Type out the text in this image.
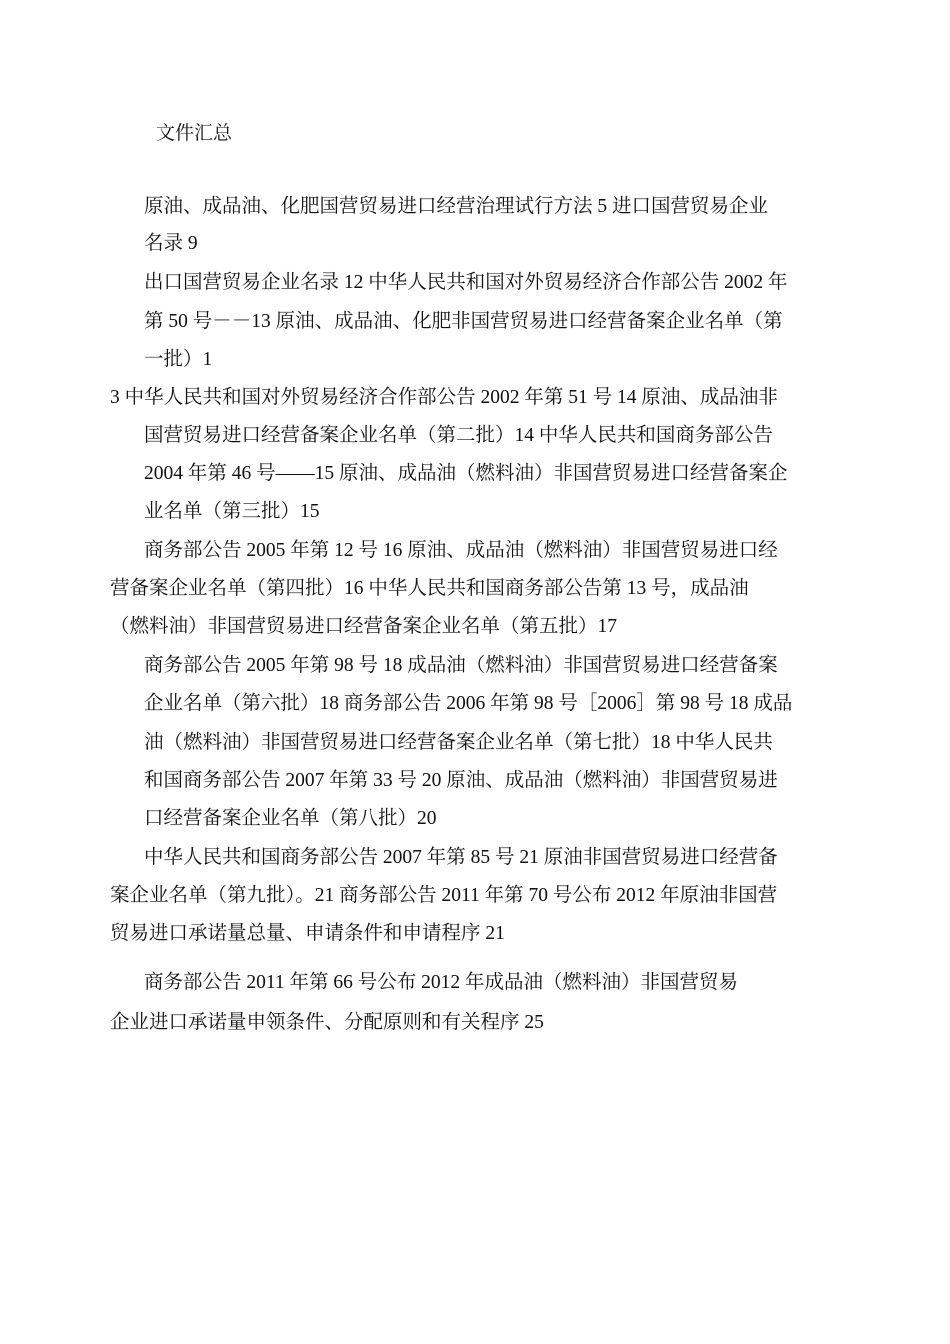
文件汇总
原油、成品油、化肥国营贸易进口经营治理试行方法 5 进口国营贸易企业
名录 9
出口国营贸易企业名录 12 中华人民共和国对外贸易经济合作部公告 2002 年
第 50 号－－13 原油、成品油、化肥非国营贸易进口经营备案企业名单（第
一批）1
3 中华人民共和国对外贸易经济合作部公告 2002 年第 51 号 14 原油、成品油非
国营贸易进口经营备案企业名单（第二批）14 中华人民共和国商务部公告
2004 年第 46 号——15 原油、成品油（燃料油）非国营贸易进口经营备案企
业名单（第三批）15
商务部公告 2005 年第 12 号 16 原油、成品油（燃料油）非国营贸易进口经
营备案企业名单（第四批）16 中华人民共和国商务部公告第 13 号，成品油
（燃料油）非国营贸易进口经营备案企业名单（第五批）17
商务部公告 2005 年第 98 号 18 成品油（燃料油）非国营贸易进口经营备案
企业名单（第六批）18 商务部公告 2006 年第 98 号［2006］第 98 号 18 成品
油（燃料油）非国营贸易进口经营备案企业名单（第七批）18 中华人民共
和国商务部公告 2007 年第 33 号 20 原油、成品油（燃料油）非国营贸易进
口经营备案企业名单（第八批）20
中华人民共和国商务部公告 2007 年第 85 号 21 原油非国营贸易进口经营备
案企业名单（第九批）。21 商务部公告 2011 年第 70 号公布 2012 年原油非国营
贸易进口承诺量总量、申请条件和申请程序 21
商务部公告 2011 年第 66 号公布 2012 年成品油（燃料油）非国营贸易
企业进口承诺量申领条件、分配原则和有关程序 25
